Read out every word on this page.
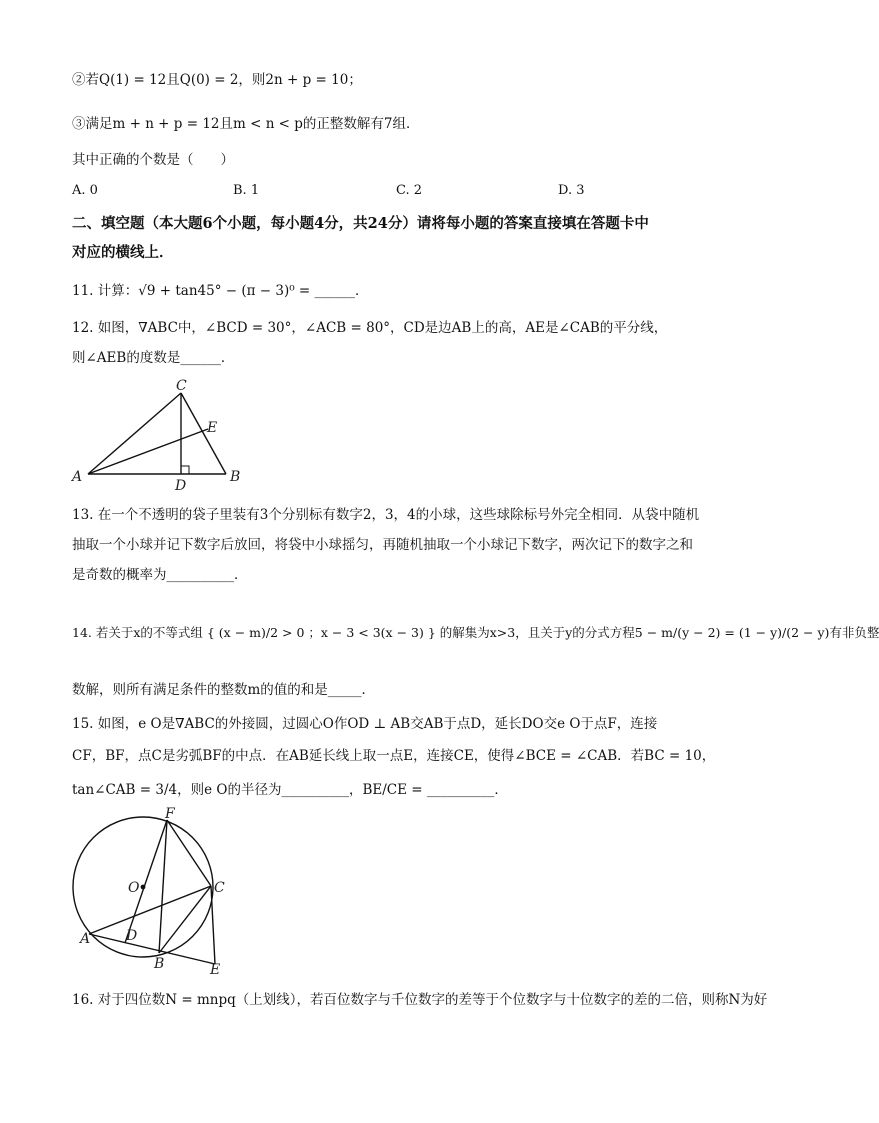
②若Q(1) = 12且Q(0) = 2，则2n + p = 10；
③满足m + n + p = 12且m < n < p的正整数解有7组．
其中正确的个数是（　　）
A. 0	B. 1	C. 2	D. 3
二、填空题（本大题6个小题，每小题4分，共24分）请将每小题的答案直接填在答题卡中
对应的横线上．
11. 计算：√9 + tan45° − (π − 3)⁰ = ______．
12. 如图，∇ABC中，∠BCD = 30°，∠ACB = 80°，CD是边AB上的高，AE是∠CAB的平分线，
则∠AEB的度数是______．
C
E
A
D
B
13. 在一个不透明的袋子里装有3个分别标有数字2，3，4的小球，这些球除标号外完全相同．从袋中随机
抽取一个小球并记下数字后放回，将袋中小球摇匀，再随机抽取一个小球记下数字，两次记下的数字之和
是奇数的概率为__________．
14. 若关于x的不等式组 { (x − m)/2 > 0 ；x − 3 < 3(x − 3) } 的解集为x>3，且关于y的分式方程5 − m/(y − 2) = (1 − y)/(2 − y)有非负整
数解，则所有满足条件的整数m的值的和是_____．
15. 如图，e O是∇ABC的外接圆，过圆心O作OD ⊥ AB交AB于点D，延长DO交e O于点F，连接
CF，BF，点C是劣弧BF的中点．在AB延长线上取一点E，连接CE，使得∠BCE = ∠CAB．若BC = 10，
tan∠CAB = 3/4，则e O的半径为__________，BE/CE = __________．
F
O	C
A	D
B	E
16. 对于四位数N = mnpq（上划线），若百位数字与千位数字的差等于个位数字与十位数字的差的二倍，则称N为好
